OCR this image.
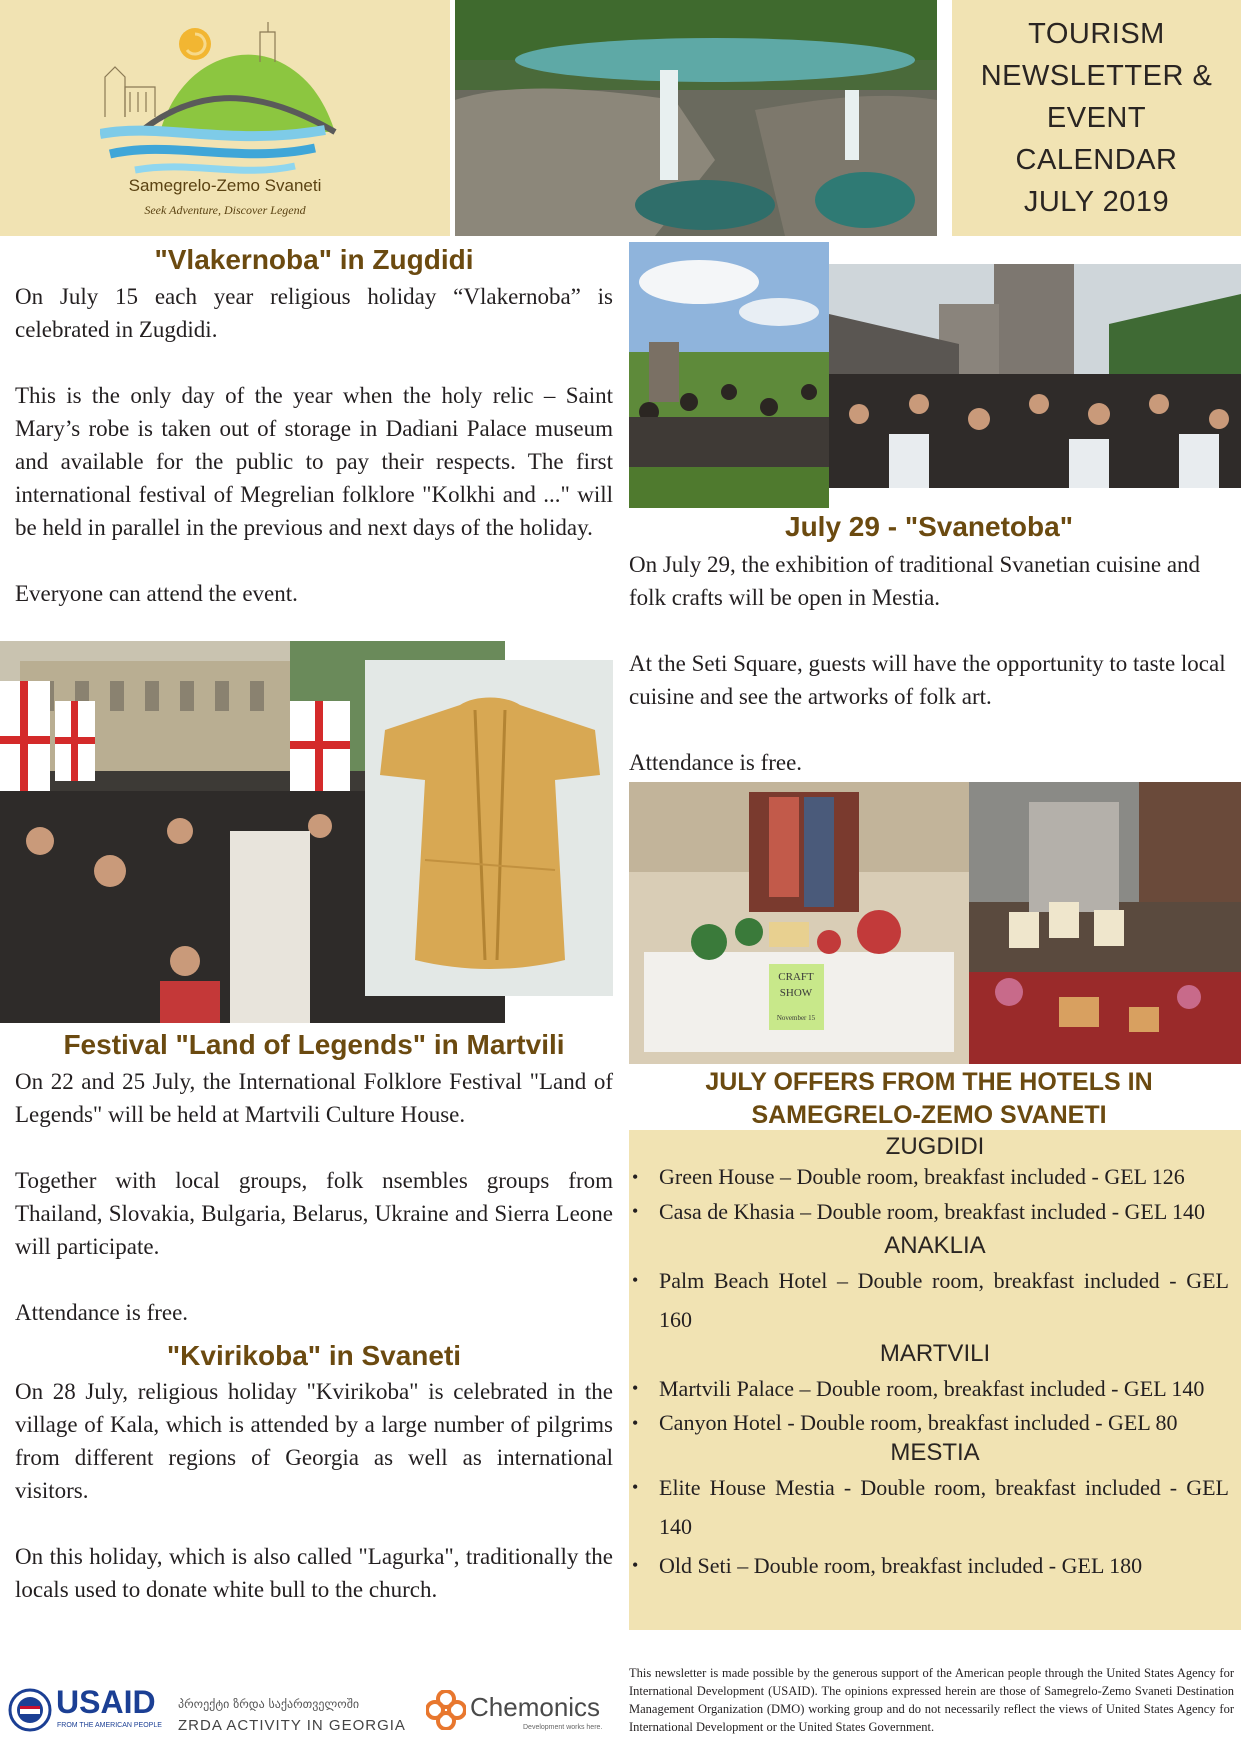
Samegrelo-Zemo Svaneti
Seek Adventure, Discover Legend
TOURISM NEWSLETTER & EVENT CALENDAR JULY 2019
"Vlakernoba" in Zugdidi

On July 15 each year religious holiday “Vlakernoba” is celebrated in Zugdidi.

This is the only day of the year when the holy relic – Saint Mary’s robe is taken out of storage in Dadiani Palace museum and available for the public to pay their respects. The first international festival of Megrelian folklore "Kolkhi and ..." will be held in parallel in the previous and next days of the holiday.

Everyone can attend the event.

Festival "Land of Legends" in Martvili

On 22 and 25 July, the International Folklore Festival "Land of Legends" will be held at Martvili Culture House.

Together with local groups, folk nsembles groups from Thailand, Slovakia, Bulgaria, Belarus, Ukraine and Sierra Leone will participate.

Attendance is free.

"Kvirikoba" in Svaneti

On 28 July, religious holiday "Kvirikoba" is celebrated in the village of Kala, which is attended by a large number of pilgrims from different regions of Georgia as well as international visitors.

On this holiday, which is also called "Lagurka", traditionally the locals used to donate white bull to the church.

July 29 - "Svanetoba"

On July 29, the exhibition of traditional Svanetian cuisine and folk crafts will be open in Mestia.

At the Seti Square, guests will have the opportunity to taste local cuisine and see the artworks of folk art.

Attendance is free.

CRAFT
SHOW
November 15
JULY OFFERS FROM THE HOTELS IN SAMEGRELO-ZEMO SVANETI

ZUGDIDI

• Green House – Double room, breakfast included - GEL 126
• Casa de Khasia – Double room, breakfast included - GEL 140

ANAKLIA

• Palm Beach Hotel – Double room, breakfast included - GEL 160

MARTVILI

• Martvili Palace – Double room, breakfast included - GEL 140
• Canyon Hotel - Double room, breakfast included - GEL 80

MESTIA

• Elite House Mestia - Double room, breakfast included - GEL 140
• Old Seti – Double room, breakfast included - GEL 180
USAID
FROM THE AMERICAN PEOPLE
პროექტი ზრდა საქართველოში
ZRDA ACTIVITY IN GEORGIA
Chemonics
Development works here.
This newsletter is made possible by the generous support of the American people through the United States Agency for International Development (USAID). The opinions expressed herein are those of Samegrelo-Zemo Svaneti Destination Management Organization (DMO) working group and do not necessarily reflect the views of United States Agency for International Development or the United States Government.
